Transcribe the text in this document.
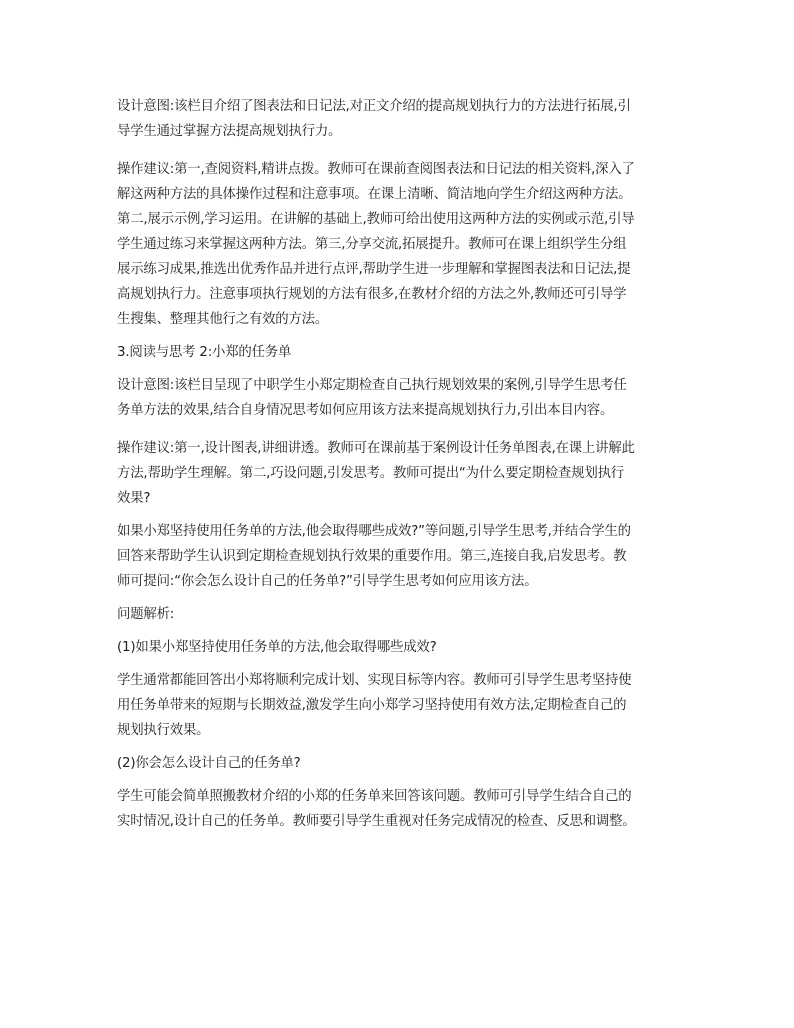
设计意图:该栏目介绍了图表法和日记法,对正文介绍的提高规划执行力的方法进行拓展,引
导学生通过掌握方法提高规划执行力。

操作建议:第一,查阅资料,精讲点拨。教师可在课前查阅图表法和日记法的相关资料,深入了
解这两种方法的具体操作过程和注意事项。在课上清晰、简洁地向学生介绍这两种方法。
第二,展示示例,学习运用。在讲解的基础上,教师可给出使用这两种方法的实例或示范,引导
学生通过练习来掌握这两种方法。第三,分享交流,拓展提升。教师可在课上组织学生分组
展示练习成果,推选出优秀作品并进行点评,帮助学生进一步理解和掌握图表法和日记法,提
高规划执行力。注意事项执行规划的方法有很多,在教材介绍的方法之外,教师还可引导学
生搜集、整理其他行之有效的方法。

3.阅读与思考 2:小郑的任务单

设计意图:该栏目呈现了中职学生小郑定期检查自己执行规划效果的案例,引导学生思考任
务单方法的效果,结合自身情况思考如何应用该方法来提高规划执行力,引出本目内容。

操作建议:第一,设计图表,讲细讲透。教师可在课前基于案例设计任务单图表,在课上讲解此
方法,帮助学生理解。第二,巧设问题,引发思考。教师可提出“为什么要定期检查规划执行
效果?

如果小郑坚持使用任务单的方法,他会取得哪些成效?”等问题,引导学生思考,并结合学生的
回答来帮助学生认识到定期检查规划执行效果的重要作用。第三,连接自我,启发思考。教
师可提问:“你会怎么设计自己的任务单?”引导学生思考如何应用该方法。

问题解析:

(1)如果小郑坚持使用任务单的方法,他会取得哪些成效?

学生通常都能回答出小郑将顺利完成计划、实现目标等内容。教师可引导学生思考坚持使
用任务单带来的短期与长期效益,激发学生向小郑学习坚持使用有效方法,定期检查自己的
规划执行效果。

(2)你会怎么设计自己的任务单?

学生可能会简单照搬教材介绍的小郑的任务单来回答该问题。教师可引导学生结合自己的
实时情况,设计自己的任务单。教师要引导学生重视对任务完成情况的检查、反思和调整。
